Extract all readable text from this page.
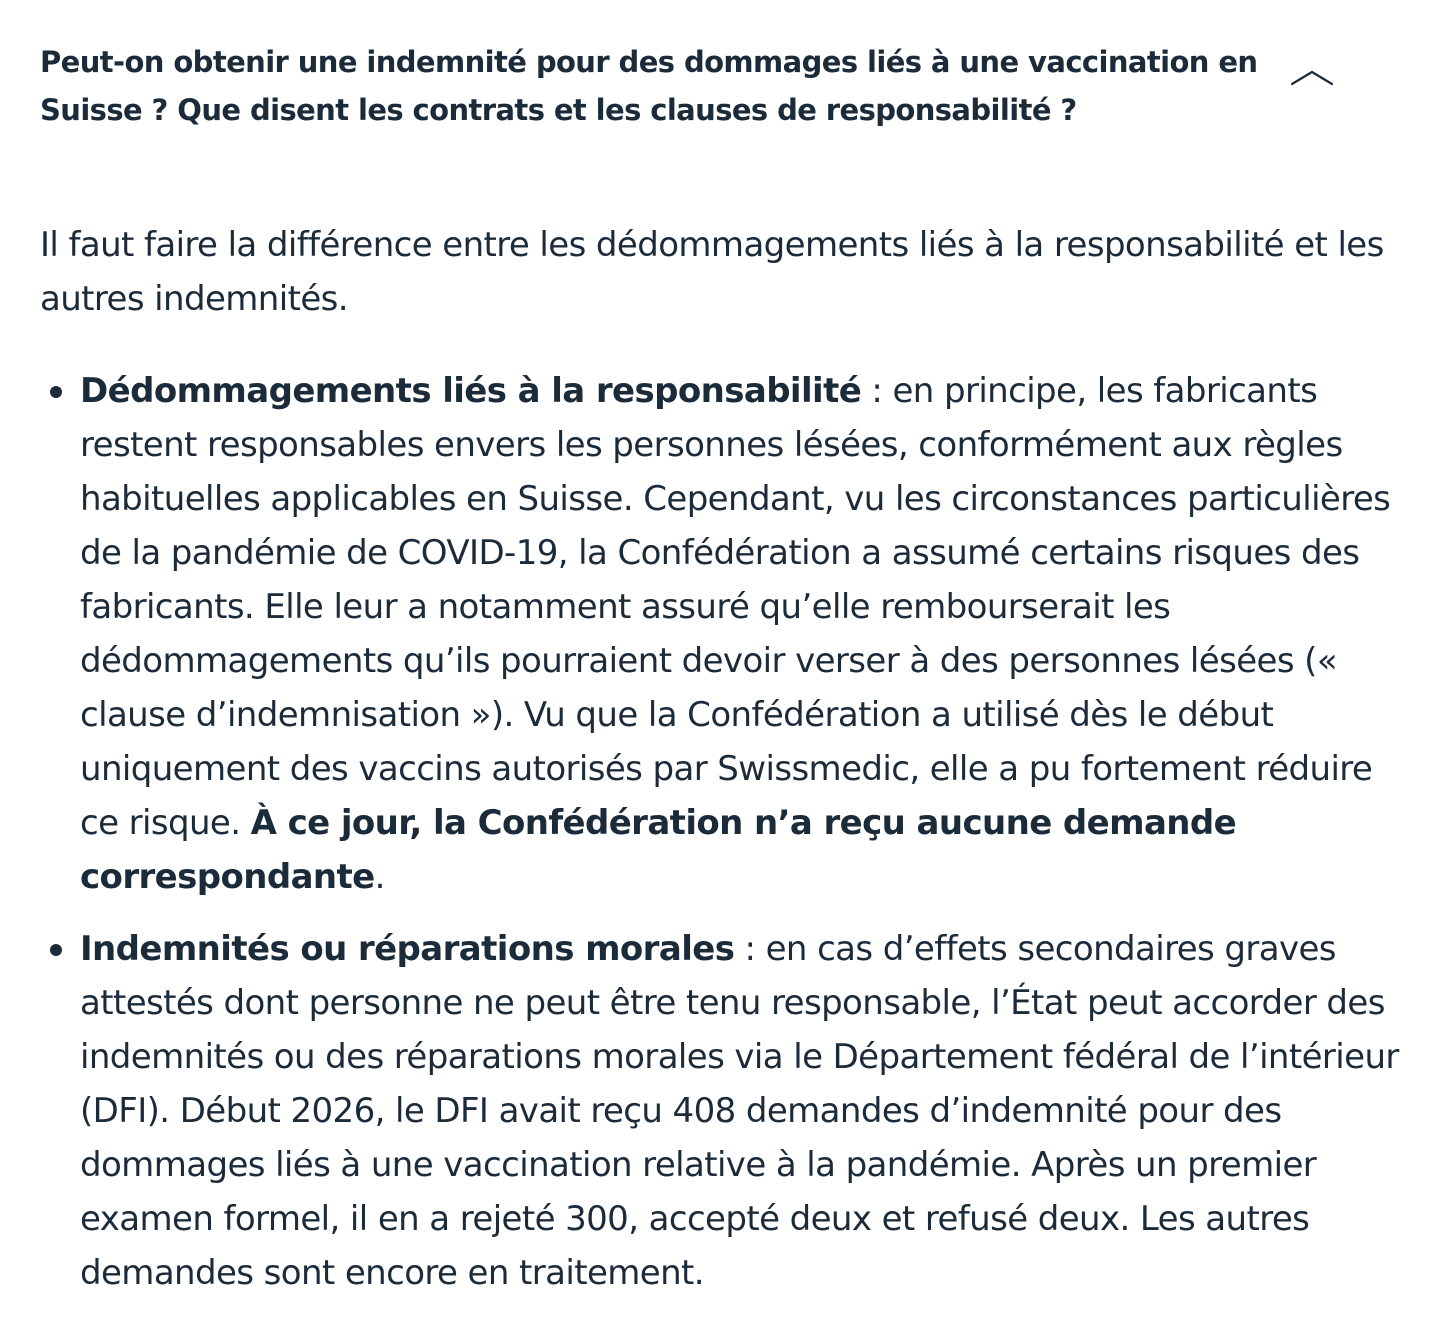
Peut-on obtenir une indemnité pour des dommages liés à une vaccination en Suisse ? Que disent les contrats et les clauses de responsabilité ?

Il faut faire la différence entre les dédommagements liés à la responsabilité et les autres indemnités.

Dédommagements liés à la responsabilité : en principe, les fabricants restent responsables envers les personnes lésées, conformément aux règles habituelles applicables en Suisse. Cependant, vu les circonstances particulières de la pandémie de COVID-19, la Confédération a assumé certains risques des fabricants. Elle leur a notamment assuré qu’elle rembourserait les dédommagements qu’ils pourraient devoir verser à des personnes lésées (« clause d’indemnisation »). Vu que la Confédération a utilisé dès le début uniquement des vaccins autorisés par Swissmedic, elle a pu fortement réduire ce risque. À ce jour, la Confédération n’a reçu aucune demande correspondante.
Indemnités ou réparations morales : en cas d’effets secondaires graves attestés dont personne ne peut être tenu responsable, l’État peut accorder des indemnités ou des réparations morales via le Département fédéral de l’intérieur (DFI). Début 2026, le DFI avait reçu 408 demandes d’indemnité pour des dommages liés à une vaccination relative à la pandémie. Après un premier examen formel, il en a rejeté 300, accepté deux et refusé deux. Les autres demandes sont encore en traitement.
